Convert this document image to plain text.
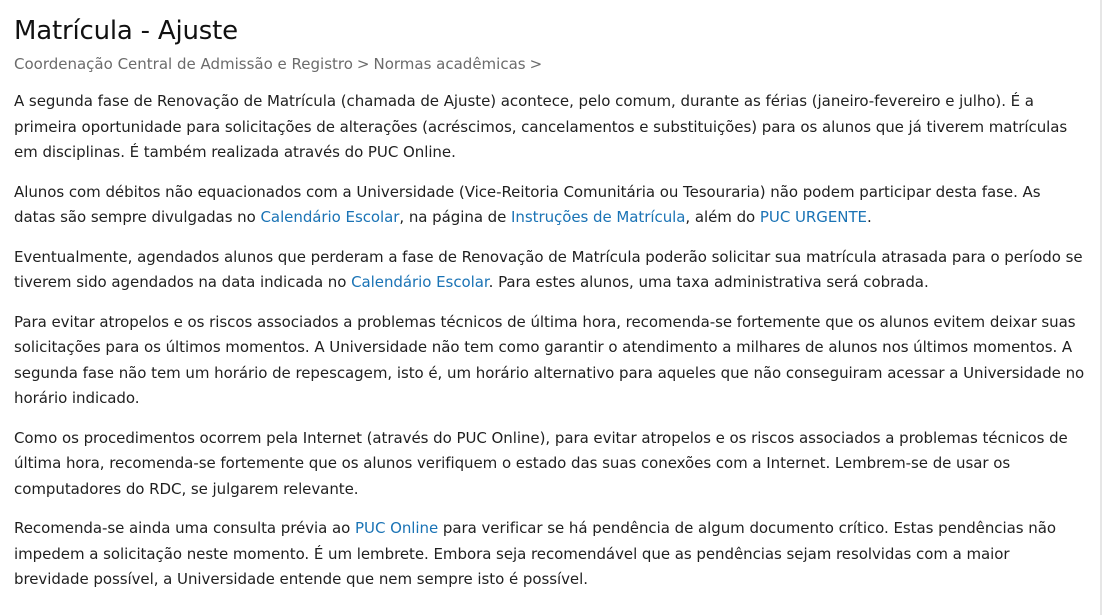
Matrícula - Ajuste
Coordenação Central de Admissão e Registro > Normas acadêmicas >

A segunda fase de Renovação de Matrícula (chamada de Ajuste) acontece, pelo comum, durante as férias (janeiro-fevereiro e julho). É a primeira oportunidade para solicitações de alterações (acréscimos, cancelamentos e substituições) para os alunos que já tiverem matrículas em disciplinas. É também realizada através do PUC Online.

Alunos com débitos não equacionados com a Universidade (Vice-Reitoria Comunitária ou Tesouraria) não podem participar desta fase. As datas são sempre divulgadas no Calendário Escolar, na página de Instruções de Matrícula, além do PUC URGENTE.

Eventualmente, agendados alunos que perderam a fase de Renovação de Matrícula poderão solicitar sua matrícula atrasada para o período se tiverem sido agendados na data indicada no Calendário Escolar. Para estes alunos, uma taxa administrativa será cobrada.

Para evitar atropelos e os riscos associados a problemas técnicos de última hora, recomenda-se fortemente que os alunos evitem deixar suas solicitações para os últimos momentos. A Universidade não tem como garantir o atendimento a milhares de alunos nos últimos momentos. A segunda fase não tem um horário de repescagem, isto é, um horário alternativo para aqueles que não conseguiram acessar a Universidade no horário indicado.

Como os procedimentos ocorrem pela Internet (através do PUC Online), para evitar atropelos e os riscos associados a problemas técnicos de última hora, recomenda-se fortemente que os alunos verifiquem o estado das suas conexões com a Internet. Lembrem-se de usar os computadores do RDC, se julgarem relevante.

Recomenda-se ainda uma consulta prévia ao PUC Online para verificar se há pendência de algum documento crítico. Estas pendências não impedem a solicitação neste momento. É um lembrete. Embora seja recomendável que as pendências sejam resolvidas com a maior brevidade possível, a Universidade entende que nem sempre isto é possível.
